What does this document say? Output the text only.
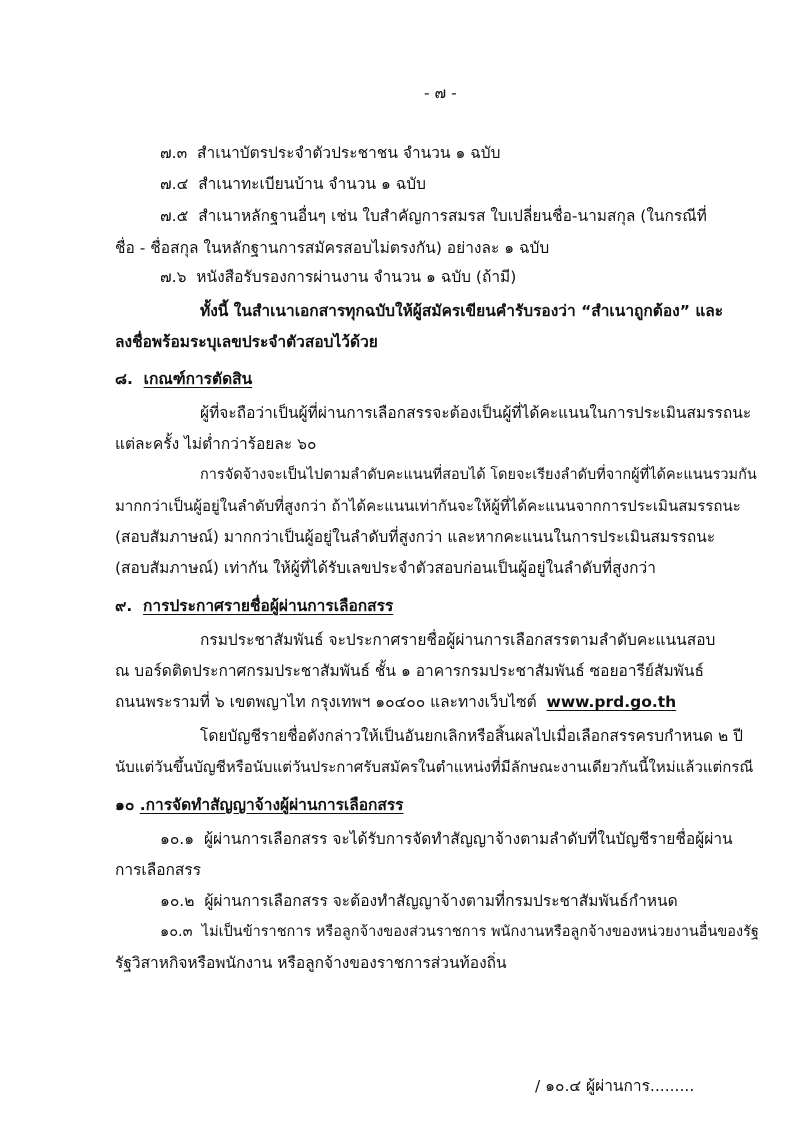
- ๗ -
๗.๓ สำเนาบัตรประจำตัวประชาชน จำนวน ๑ ฉบับ
๗.๔ สำเนาทะเบียนบ้าน จำนวน ๑ ฉบับ
๗.๕ สำเนาหลักฐานอื่นๆ เช่น ใบสำคัญการสมรส ใบเปลี่ยนชื่อ-นามสกุล (ในกรณีที่
ชื่อ - ชื่อสกุล ในหลักฐานการสมัครสอบไม่ตรงกัน) อย่างละ ๑ ฉบับ
๗.๖ หนังสือรับรองการผ่านงาน จำนวน ๑ ฉบับ (ถ้ามี)
ทั้งนี้ ในสำเนาเอกสารทุกฉบับให้ผู้สมัครเขียนคำรับรองว่า “สำเนาถูกต้อง” และ
ลงชื่อพร้อมระบุเลขประจำตัวสอบไว้ด้วย
๘. เกณฑ์การตัดสิน
ผู้ที่จะถือว่าเป็นผู้ที่ผ่านการเลือกสรรจะต้องเป็นผู้ที่ได้คะแนนในการประเมินสมรรถนะ
แต่ละครั้ง ไม่ต่ำกว่าร้อยละ ๖๐
การจัดจ้างจะเป็นไปตามลำดับคะแนนที่สอบได้ โดยจะเรียงลำดับที่จากผู้ที่ได้คะแนนรวมกัน
มากกว่าเป็นผู้อยู่ในลำดับที่สูงกว่า ถ้าได้คะแนนเท่ากันจะให้ผู้ที่ได้คะแนนจากการประเมินสมรรถนะ
(สอบสัมภาษณ์) มากกว่าเป็นผู้อยู่ในลำดับที่สูงกว่า และหากคะแนนในการประเมินสมรรถนะ
(สอบสัมภาษณ์) เท่ากัน ให้ผู้ที่ได้รับเลขประจำตัวสอบก่อนเป็นผู้อยู่ในลำดับที่สูงกว่า
๙. การประกาศรายชื่อผู้ผ่านการเลือกสรร
กรมประชาสัมพันธ์ จะประกาศรายชื่อผู้ผ่านการเลือกสรรตามลำดับคะแนนสอบ
ณ บอร์ดติดประกาศกรมประชาสัมพันธ์ ชั้น ๑ อาคารกรมประชาสัมพันธ์ ซอยอารีย์สัมพันธ์
ถนนพระรามที่ ๖ เขตพญาไท กรุงเทพฯ ๑๐๔๐๐ และทางเว็บไซต์ www.prd.go.th
โดยบัญชีรายชื่อดังกล่าวให้เป็นอันยกเลิกหรือสิ้นผลไปเมื่อเลือกสรรครบกำหนด ๒ ปี
นับแต่วันขึ้นบัญชีหรือนับแต่วันประกาศรับสมัครในตำแหน่งที่มีลักษณะงานเดียวกันนี้ใหม่แล้วแต่กรณี
๑๐ .การจัดทำสัญญาจ้างผู้ผ่านการเลือกสรร
๑๐.๑ ผู้ผ่านการเลือกสรร จะได้รับการจัดทำสัญญาจ้างตามลำดับที่ในบัญชีรายชื่อผู้ผ่าน
การเลือกสรร
๑๐.๒ ผู้ผ่านการเลือกสรร จะต้องทำสัญญาจ้างตามที่กรมประชาสัมพันธ์กำหนด
๑๐.๓ ไม่เป็นข้าราชการ หรือลูกจ้างของส่วนราชการ พนักงานหรือลูกจ้างของหน่วยงานอื่นของรัฐ
รัฐวิสาหกิจหรือพนักงาน หรือลูกจ้างของราชการส่วนท้องถิ่น
/ ๑๐.๔ ผู้ผ่านการ.........
